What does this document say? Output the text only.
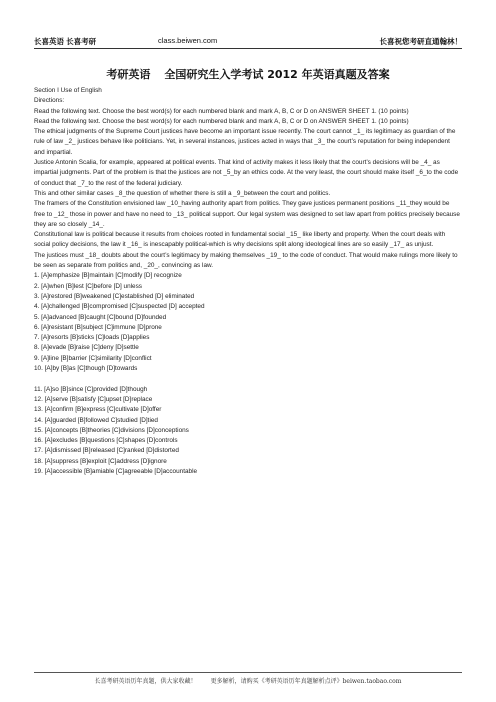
长喜英语 长喜考研	class.beiwen.com	长喜祝您考研直通翰林！
考研英语 全国研究生入学考试 2012 年英语真题及答案

Section I Use of English

Directions:

Read the following text. Choose the best word(s) for each numbered blank and mark A, B, C or D on ANSWER SHEET 1. (10 points)

Read the following text. Choose the best word(s) for each numbered blank and mark A, B, C or D on ANSWER SHEET 1. (10 points)

The ethical judgments of the Supreme Court justices have become an important issue recently. The court cannot _1_ its legitimacy as guardian of the rule of law _2_ justices behave like politicians. Yet, in several instances, justices acted in ways that _3_ the court’s reputation for being independent and impartial.

Justice Antonin Scalia, for example, appeared at political events. That kind of activity makes it less likely that the court’s decisions will be _4_ as impartial judgments. Part of the problem is that the justices are not _5_by an ethics code. At the very least, the court should make itself _6_to the code of conduct that _7_to the rest of the federal judiciary.

This and other similar cases _8_the question of whether there is still a _9_between the court and politics.

The framers of the Constitution envisioned law _10_having authority apart from politics. They gave justices permanent positions _11_they would be free to _12_ those in power and have no need to _13_ political support. Our legal system was designed to set law apart from politics precisely because they are so closely _14_.

Constitutional law is political because it results from choices rooted in fundamental social _15_ like liberty and property. When the court deals with social policy decisions, the law it _16_ is inescapably political-which is why decisions split along ideological lines are so easily _17_ as unjust.

The justices must _18_ doubts about the court’s legitimacy by making themselves _19_ to the code of conduct. That would make rulings more likely to be seen as separate from politics and, _20_, convincing as law.

1. [A]emphasize [B]maintain [C]modify [D] recognize

2. [A]when [B]lest [C]before [D] unless

3. [A]restored [B]weakened [C]established [D] eliminated

4. [A]challenged [B]compromised [C]suspected [D] accepted

5. [A]advanced [B]caught [C]bound [D]founded

6. [A]resistant [B]subject [C]immune [D]prone

7. [A]resorts [B]sticks [C]loads [D]applies

8. [A]evade [B]raise [C]deny [D]settle

9. [A]line [B]barrier [C]similarity [D]conflict

10. [A]by [B]as [C]though [D]towards

11. [A]so [B]since [C]provided [D]though

12. [A]serve [B]satisfy [C]upset [D]replace

13. [A]confirm [B]express [C]cultivate [D]offer

14. [A]guarded [B]followed C]studied [D]tied

15. [A]concepts [B]theories [C]divisions [D]conceptions

16. [A]excludes [B]questions [C]shapes [D]controls

17. [A]dismissed [B]released [C]ranked [D]distorted

18. [A]suppress [B]exploit [C]address [D]ignore

19. [A]accessible [B]amiable [C]agreeable [D]accountable

长喜考研英语历年真题，供大家收藏！ 更多解析，请购买《考研英语历年真题解析点评》beiwen.taobao.com
